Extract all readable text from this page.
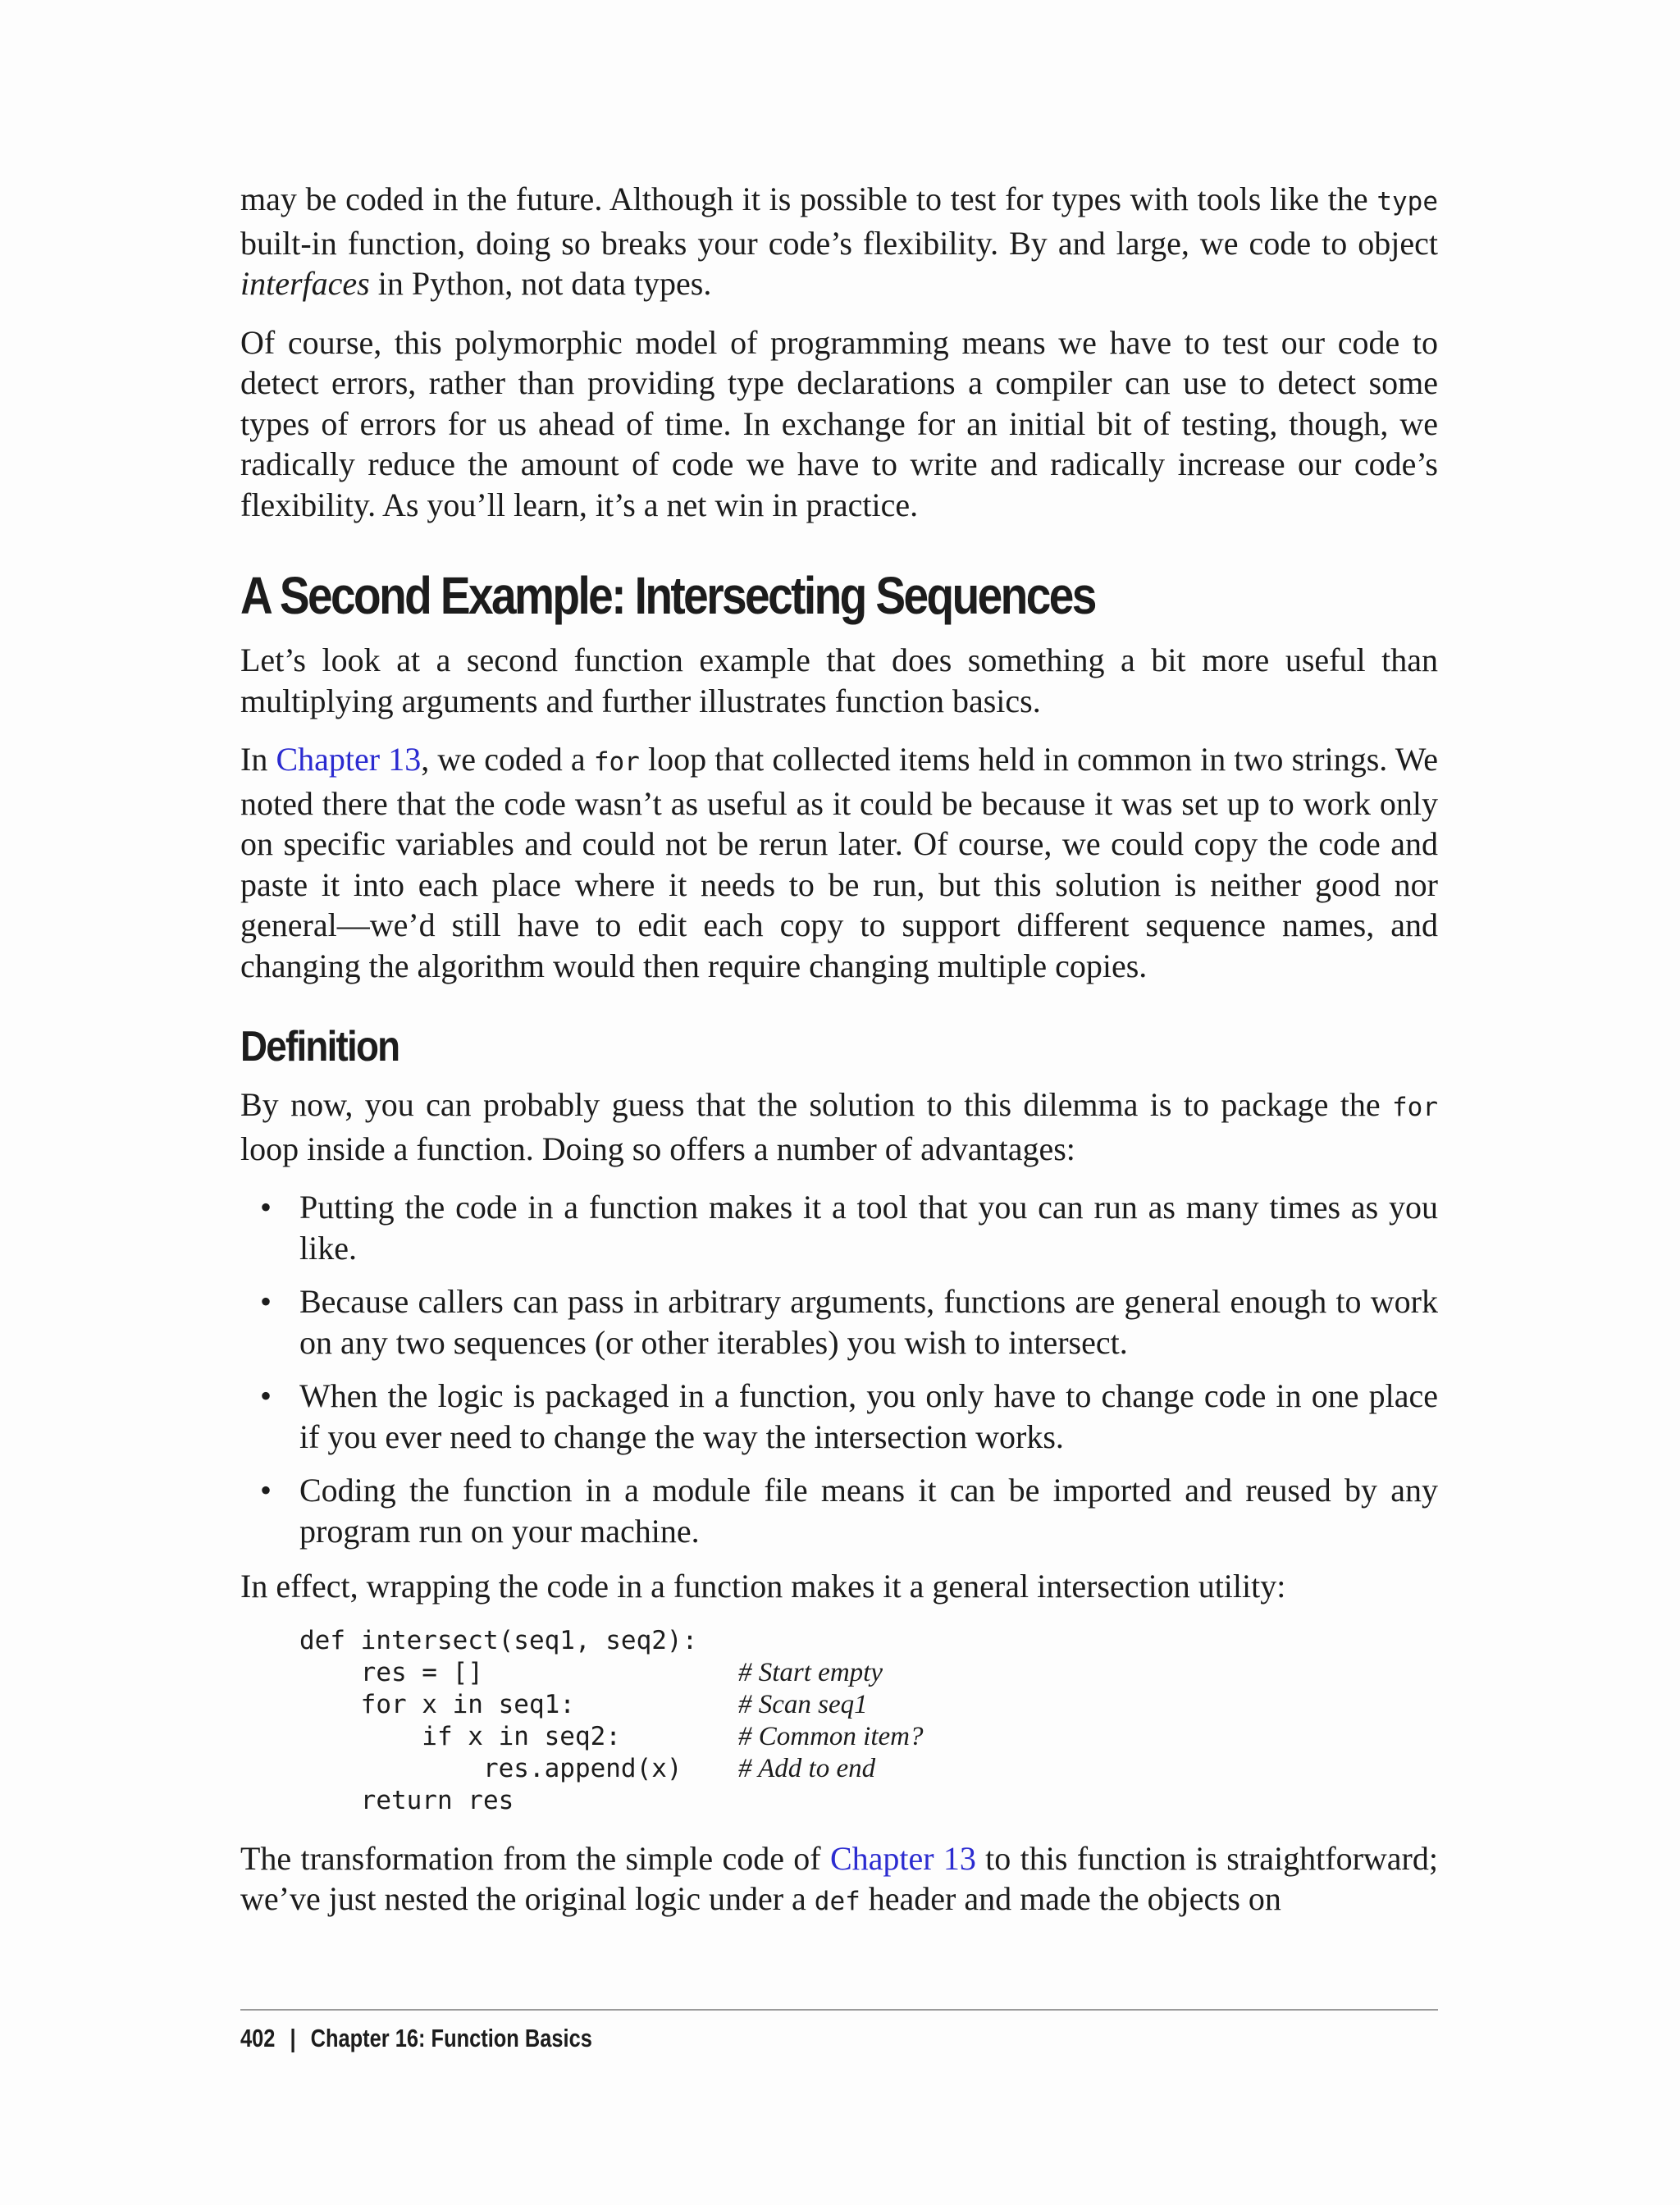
may be coded in the future. Although it is possible to test for types with tools like the type built-in function, doing so breaks your code’s flexibility. By and large, we code to object interfaces in Python, not data types.

Of course, this polymorphic model of programming means we have to test our code to detect errors, rather than providing type declarations a compiler can use to detect some types of errors for us ahead of time. In exchange for an initial bit of testing, though, we radically reduce the amount of code we have to write and radically increase our code’s flexibility. As you’ll learn, it’s a net win in practice.

A Second Example: Intersecting Sequences

Let’s look at a second function example that does something a bit more useful than multiplying arguments and further illustrates function basics.

In Chapter 13, we coded a for loop that collected items held in common in two strings. We noted there that the code wasn’t as useful as it could be because it was set up to work only on specific variables and could not be rerun later. Of course, we could copy the code and paste it into each place where it needs to be run, but this solution is neither good nor general—we’d still have to edit each copy to support different sequence names, and changing the algorithm would then require changing multiple copies.

Definition

By now, you can probably guess that the solution to this dilemma is to package the for loop inside a function. Doing so offers a number of advantages:

• Putting the code in a function makes it a tool that you can run as many times as you like.
• Because callers can pass in arbitrary arguments, functions are general enough to work on any two sequences (or other iterables) you wish to intersect.
• When the logic is packaged in a function, you only have to change code in one place if you ever need to change the way the intersection works.
• Coding the function in a module file means it can be imported and reused by any program run on your machine.

In effect, wrapping the code in a function makes it a general intersection utility:

def intersect(seq1, seq2):
res = []	# Start empty
for x in seq1:	# Scan seq1
if x in seq2:	# Common item?
res.append(x)	# Add to end
return res

The transformation from the simple code of Chapter 13 to this function is straightforward; we’ve just nested the original logic under a def header and made the objects on

402 | Chapter 16: Function Basics
